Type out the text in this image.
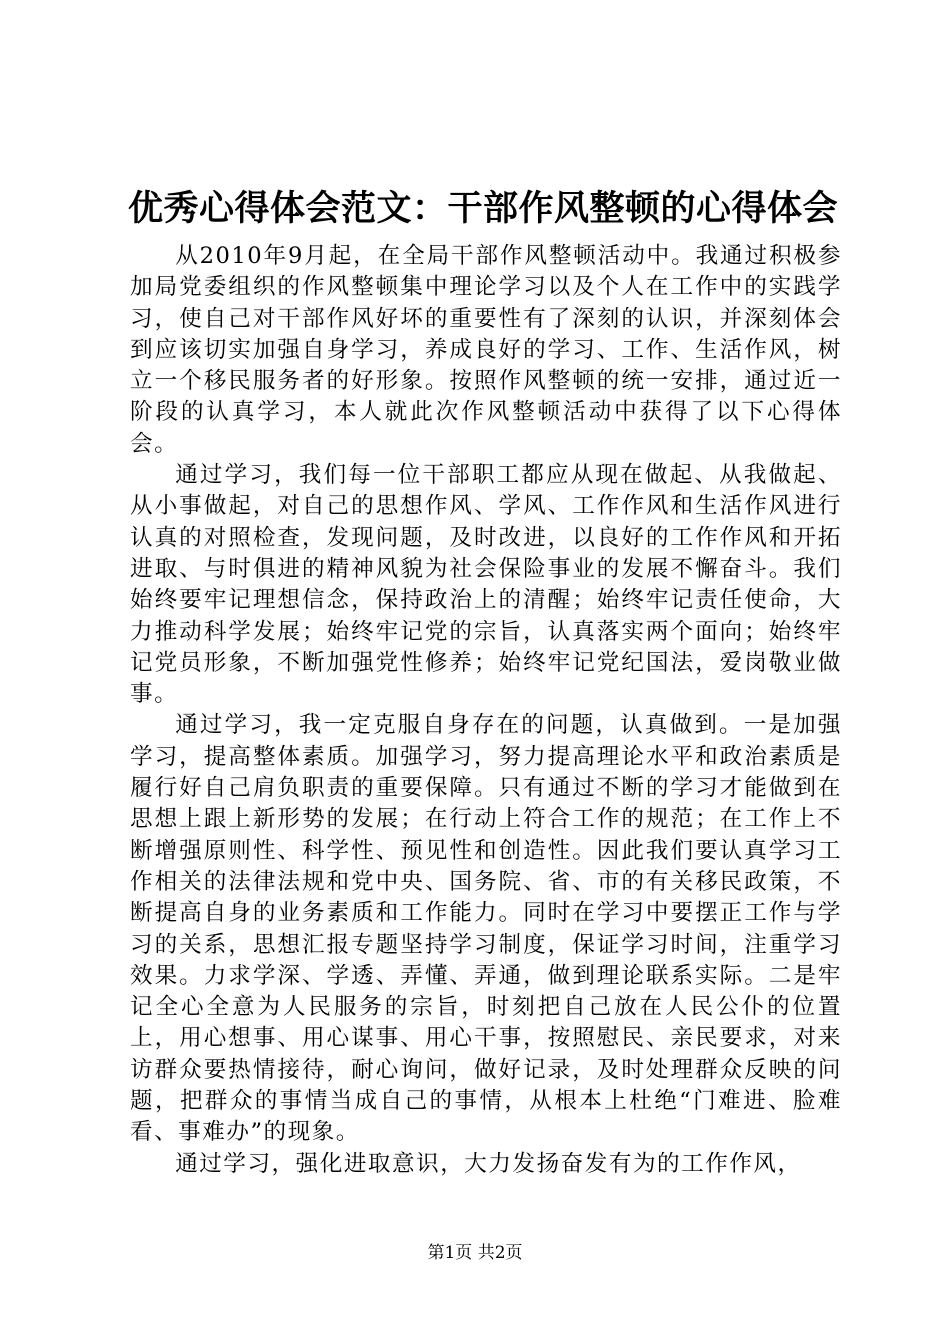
优秀心得体会范文：干部作风整顿的心得体会

从2010年9月起，在全局干部作风整顿活动中。我通过积极参加局党委组织的作风整顿集中理论学习以及个人在工作中的实践学习，使自己对干部作风好坏的重要性有了深刻的认识，并深刻体会到应该切实加强自身学习，养成良好的学习、工作、生活作风，树立一个移民服务者的好形象。按照作风整顿的统一安排，通过近一阶段的认真学习，本人就此次作风整顿活动中获得了以下心得体会。

通过学习，我们每一位干部职工都应从现在做起、从我做起、从小事做起，对自己的思想作风、学风、工作作风和生活作风进行认真的对照检查，发现问题，及时改进，以良好的工作作风和开拓进取、与时俱进的精神风貌为社会保险事业的发展不懈奋斗。我们始终要牢记理想信念，保持政治上的清醒；始终牢记责任使命，大力推动科学发展；始终牢记党的宗旨，认真落实两个面向；始终牢记党员形象，不断加强党性修养；始终牢记党纪国法，爱岗敬业做事。

通过学习，我一定克服自身存在的问题，认真做到。一是加强学习，提高整体素质。加强学习，努力提高理论水平和政治素质是履行好自己肩负职责的重要保障。只有通过不断的学习才能做到在思想上跟上新形势的发展；在行动上符合工作的规范；在工作上不断增强原则性、科学性、预见性和创造性。因此我们要认真学习工作相关的法律法规和党中央、国务院、省、市的有关移民政策，不断提高自身的业务素质和工作能力。同时在学习中要摆正工作与学习的关系，思想汇报专题坚持学习制度，保证学习时间，注重学习效果。力求学深、学透、弄懂、弄通，做到理论联系实际。二是牢记全心全意为人民服务的宗旨，时刻把自己放在人民公仆的位置上，用心想事、用心谋事、用心干事，按照慰民、亲民要求，对来访群众要热情接待，耐心询问，做好记录，及时处理群众反映的问题，把群众的事情当成自己的事情，从根本上杜绝“门难进、脸难看、事难办”的现象。

通过学习，强化进取意识，大力发扬奋发有为的工作作风，

第1页 共2页
